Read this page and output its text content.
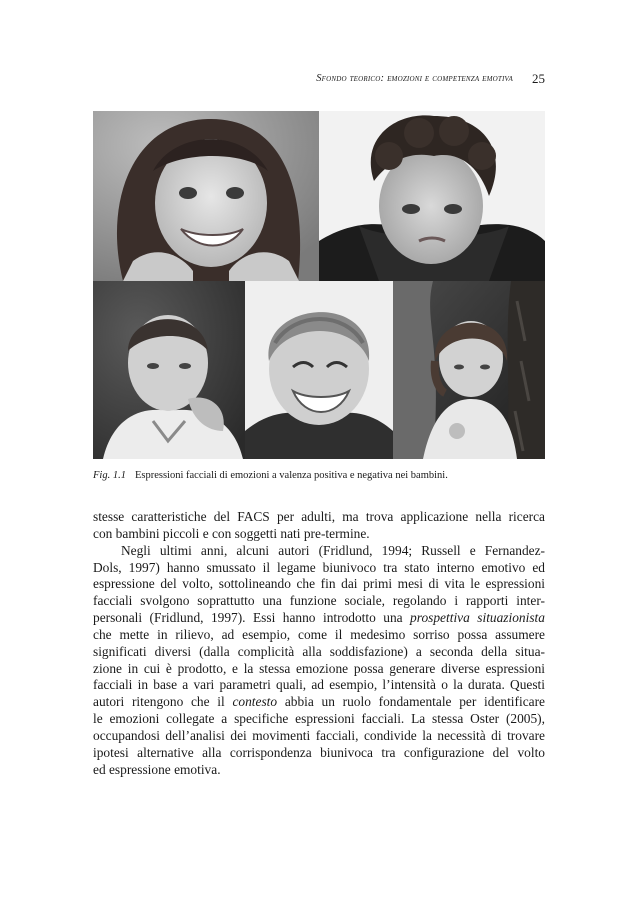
Sfondo teorico: emozioni e competenza emotiva 25
Fig. 1.1 Espressioni facciali di emozioni a valenza positiva e negativa nei bambini.
stesse caratteristiche del FACS per adulti, ma trova applicazione nella ricerca
con bambini piccoli e con soggetti nati pre-termine.
Negli ultimi anni, alcuni autori (Fridlund, 1994; Russell e Fernandez-
Dols, 1997) hanno smussato il legame biunivoco tra stato interno emotivo ed
espressione del volto, sottolineando che fin dai primi mesi di vita le espressioni
facciali svolgono soprattutto una funzione sociale, regolando i rapporti inter-
personali (Fridlund, 1997). Essi hanno introdotto una prospettiva situazionista
che mette in rilievo, ad esempio, come il medesimo sorriso possa assumere
significati diversi (dalla complicità alla soddisfazione) a seconda della situa-
zione in cui è prodotto, e la stessa emozione possa generare diverse espressioni
facciali in base a vari parametri quali, ad esempio, l’intensità o la durata. Questi
autori ritengono che il contesto abbia un ruolo fondamentale per identificare
le emozioni collegate a specifiche espressioni facciali. La stessa Oster (2005),
occupandosi dell’analisi dei movimenti facciali, condivide la necessità di trovare
ipotesi alternative alla corrispondenza biunivoca tra configurazione del volto
ed espressione emotiva.
